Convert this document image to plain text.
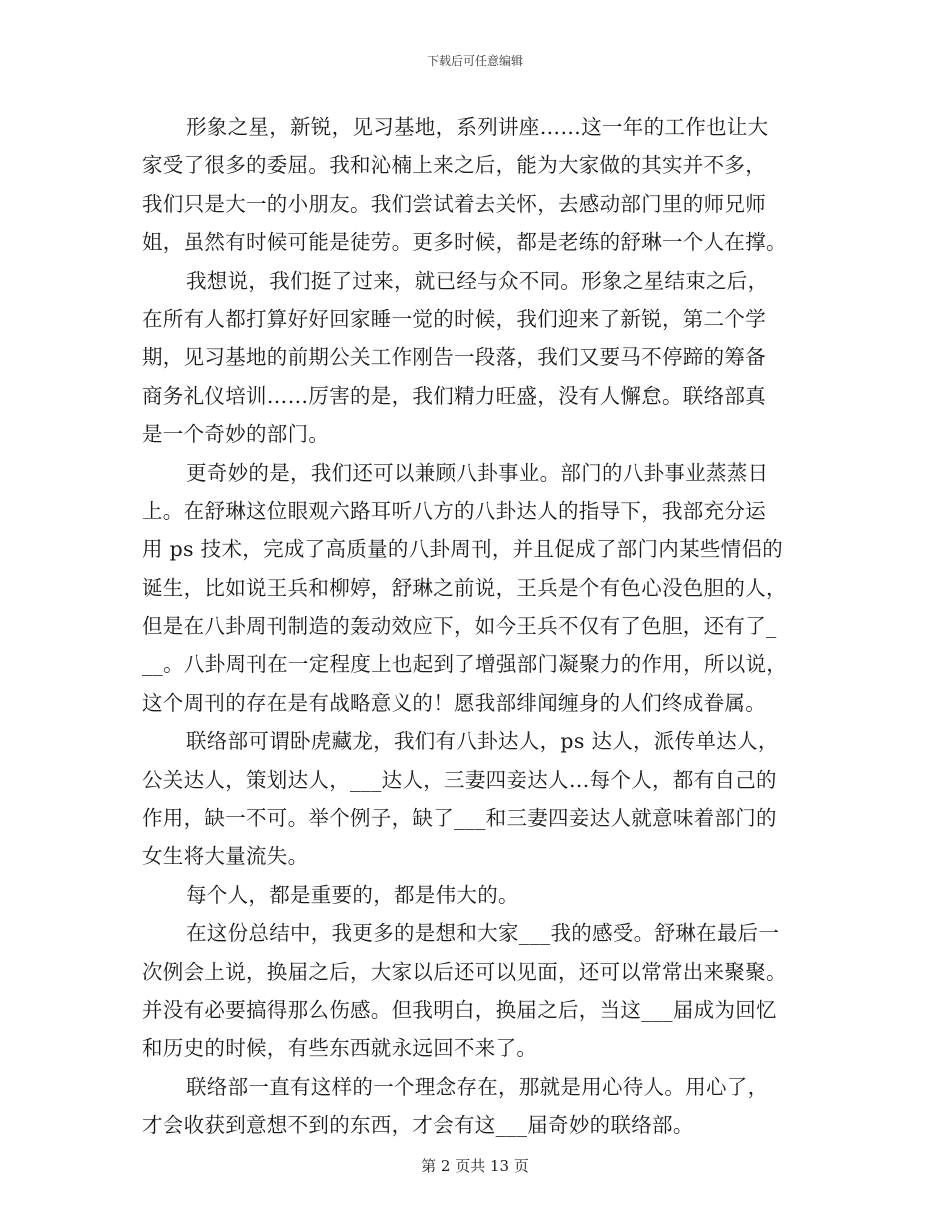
下载后可任意编辑
形象之星，新锐，见习基地，系列讲座……这一年的工作也让大
家受了很多的委屈。我和沁楠上来之后，能为大家做的其实并不多，
我们只是大一的小朋友。我们尝试着去关怀，去感动部门里的师兄师
姐，虽然有时候可能是徒劳。更多时候，都是老练的舒琳一个人在撑。
我想说，我们挺了过来，就已经与众不同。形象之星结束之后，
在所有人都打算好好回家睡一觉的时候，我们迎来了新锐，第二个学
期，见习基地的前期公关工作刚告一段落，我们又要马不停蹄的筹备
商务礼仪培训……厉害的是，我们精力旺盛，没有人懈怠。联络部真
是一个奇妙的部门。
更奇妙的是，我们还可以兼顾八卦事业。部门的八卦事业蒸蒸日
上。在舒琳这位眼观六路耳听八方的八卦达人的指导下，我部充分运
用 ps 技术，完成了高质量的八卦周刊，并且促成了部门内某些情侣的
诞生，比如说王兵和柳婷，舒琳之前说，王兵是个有色心没色胆的人，
但是在八卦周刊制造的轰动效应下，如今王兵不仅有了色胆，还有了_
__。八卦周刊在一定程度上也起到了增强部门凝聚力的作用，所以说，
这个周刊的存在是有战略意义的！愿我部绯闻缠身的人们终成眷属。
联络部可谓卧虎藏龙，我们有八卦达人，ps 达人，派传单达人，
公关达人，策划达人，___达人，三妻四妾达人…每个人，都有自己的
作用，缺一不可。举个例子，缺了___和三妻四妾达人就意味着部门的
女生将大量流失。
每个人，都是重要的，都是伟大的。
在这份总结中，我更多的是想和大家___我的感受。舒琳在最后一
次例会上说，换届之后，大家以后还可以见面，还可以常常出来聚聚。
并没有必要搞得那么伤感。但我明白，换届之后，当这___届成为回忆
和历史的时候，有些东西就永远回不来了。
联络部一直有这样的一个理念存在，那就是用心待人。用心了，
才会收获到意想不到的东西，才会有这___届奇妙的联络部。
第 2 页共 13 页
